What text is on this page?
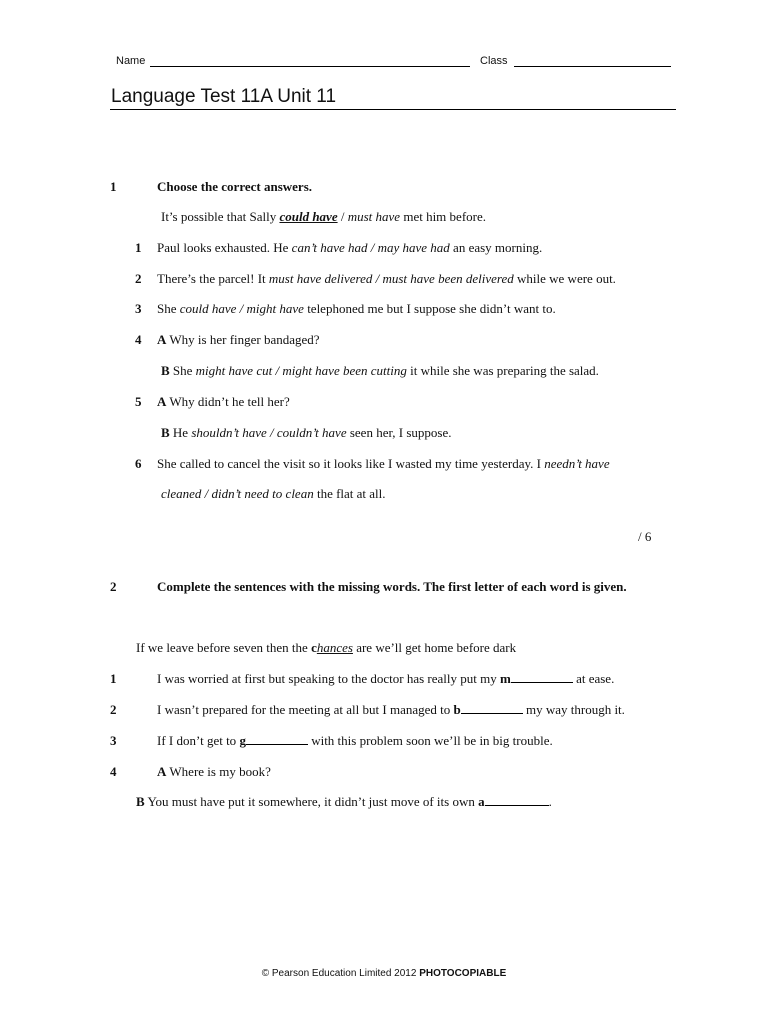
Name	Class
Language Test 11A Unit 11
1	Choose the correct answers.
It’s possible that Sally could have / must have met him before.
1 Paul looks exhausted. He can’t have had / may have had an easy morning.
2 There’s the parcel! It must have delivered / must have been delivered while we were out.
3 She could have / might have telephoned me but I suppose she didn’t want to.
4 A Why is her finger bandaged?
B She might have cut / might have been cutting it while she was preparing the salad.
5 A Why didn’t he tell her?
B He shouldn’t have / couldn’t have seen her, I suppose.
6 She called to cancel the visit so it looks like I wasted my time yesterday. I needn’t have
cleaned / didn’t need to clean the flat at all.
/ 6
2	Complete the sentences with the missing words. The first letter of each word is given.
If we leave before seven then the chances are we’ll get home before dark
1	I was worried at first but speaking to the doctor has really put my m	at ease.
2	I wasn’t prepared for the meeting at all but I managed to b	my way through it.
3	If I don’t get to g	with this problem soon we’ll be in big trouble.
4	A Where is my book?
B You must have put it somewhere, it didn’t just move of its own a	.
© Pearson Education Limited 2012 PHOTOCOPIABLE
